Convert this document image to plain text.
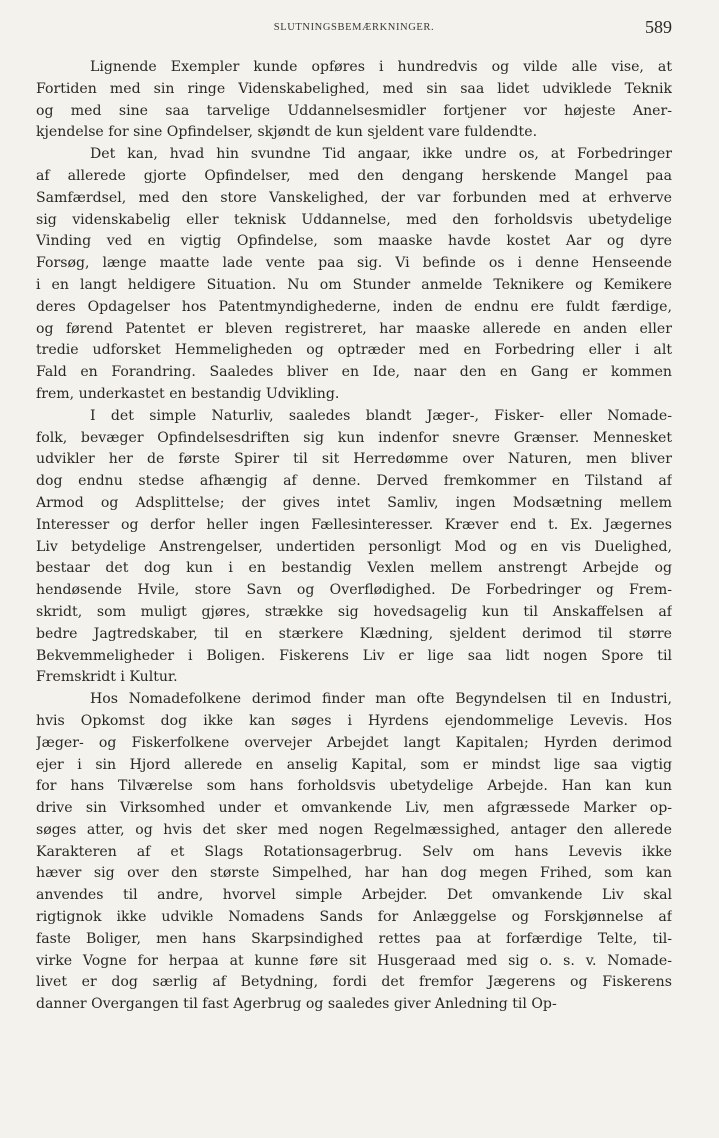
SLUTNINGSBEMÆRKNINGER.	589
Lignende Exempler kunde opføres i hundredvis og vilde alle vise, at
Fortiden med sin ringe Videnskabelighed, med sin saa lidet udviklede Teknik
og med sine saa tarvelige Uddannelsesmidler fortjener vor højeste Aner-
kjendelse for sine Opfindelser, skjøndt de kun sjeldent vare fuldendte.
Det kan, hvad hin svundne Tid angaar, ikke undre os, at Forbedringer
af allerede gjorte Opfindelser, med den dengang herskende Mangel paa
Samfærdsel, med den store Vanskelighed, der var forbunden med at erhverve
sig videnskabelig eller teknisk Uddannelse, med den forholdsvis ubetydelige
Vinding ved en vigtig Opfindelse, som maaske havde kostet Aar og dyre
Forsøg, længe maatte lade vente paa sig. Vi befinde os i denne Henseende
i en langt heldigere Situation. Nu om Stunder anmelde Teknikere og Kemikere
deres Opdagelser hos Patentmyndighederne, inden de endnu ere fuldt færdige,
og førend Patentet er bleven registreret, har maaske allerede en anden eller
tredie udforsket Hemmeligheden og optræder med en Forbedring eller i alt
Fald en Forandring. Saaledes bliver en Ide, naar den en Gang er kommen
frem, underkastet en bestandig Udvikling.
I det simple Naturliv, saaledes blandt Jæger-, Fisker- eller Nomade-
folk, bevæger Opfindelsesdriften sig kun indenfor snevre Grænser. Mennesket
udvikler her de første Spirer til sit Herredømme over Naturen, men bliver
dog endnu stedse afhængig af denne. Derved fremkommer en Tilstand af
Armod og Adsplittelse; der gives intet Samliv, ingen Modsætning mellem
Interesser og derfor heller ingen Fællesinteresser. Kræver end t. Ex. Jægernes
Liv betydelige Anstrengelser, undertiden personligt Mod og en vis Duelighed,
bestaar det dog kun i en bestandig Vexlen mellem anstrengt Arbejde og
hendøsende Hvile, store Savn og Overflødighed. De Forbedringer og Frem-
skridt, som muligt gjøres, strække sig hovedsagelig kun til Anskaffelsen af
bedre Jagtredskaber, til en stærkere Klædning, sjeldent derimod til større
Bekvemmeligheder i Boligen. Fiskerens Liv er lige saa lidt nogen Spore til
Fremskridt i Kultur.
Hos Nomadefolkene derimod finder man ofte Begyndelsen til en Industri,
hvis Opkomst dog ikke kan søges i Hyrdens ejendommelige Levevis. Hos
Jæger- og Fiskerfolkene overvejer Arbejdet langt Kapitalen; Hyrden derimod
ejer i sin Hjord allerede en anselig Kapital, som er mindst lige saa vigtig
for hans Tilværelse som hans forholdsvis ubetydelige Arbejde. Han kan kun
drive sin Virksomhed under et omvankende Liv, men afgræssede Marker op-
søges atter, og hvis det sker med nogen Regelmæssighed, antager den allerede
Karakteren af et Slags Rotationsagerbrug. Selv om hans Levevis ikke
hæver sig over den største Simpelhed, har han dog megen Frihed, som kan
anvendes til andre, hvorvel simple Arbejder. Det omvankende Liv skal
rigtignok ikke udvikle Nomadens Sands for Anlæggelse og Forskjønnelse af
faste Boliger, men hans Skarpsindighed rettes paa at forfærdige Telte, til-
virke Vogne for herpaa at kunne føre sit Husgeraad med sig o. s. v. Nomade-
livet er dog særlig af Betydning, fordi det fremfor Jægerens og Fiskerens
danner Overgangen til fast Agerbrug og saaledes giver Anledning til Op-
